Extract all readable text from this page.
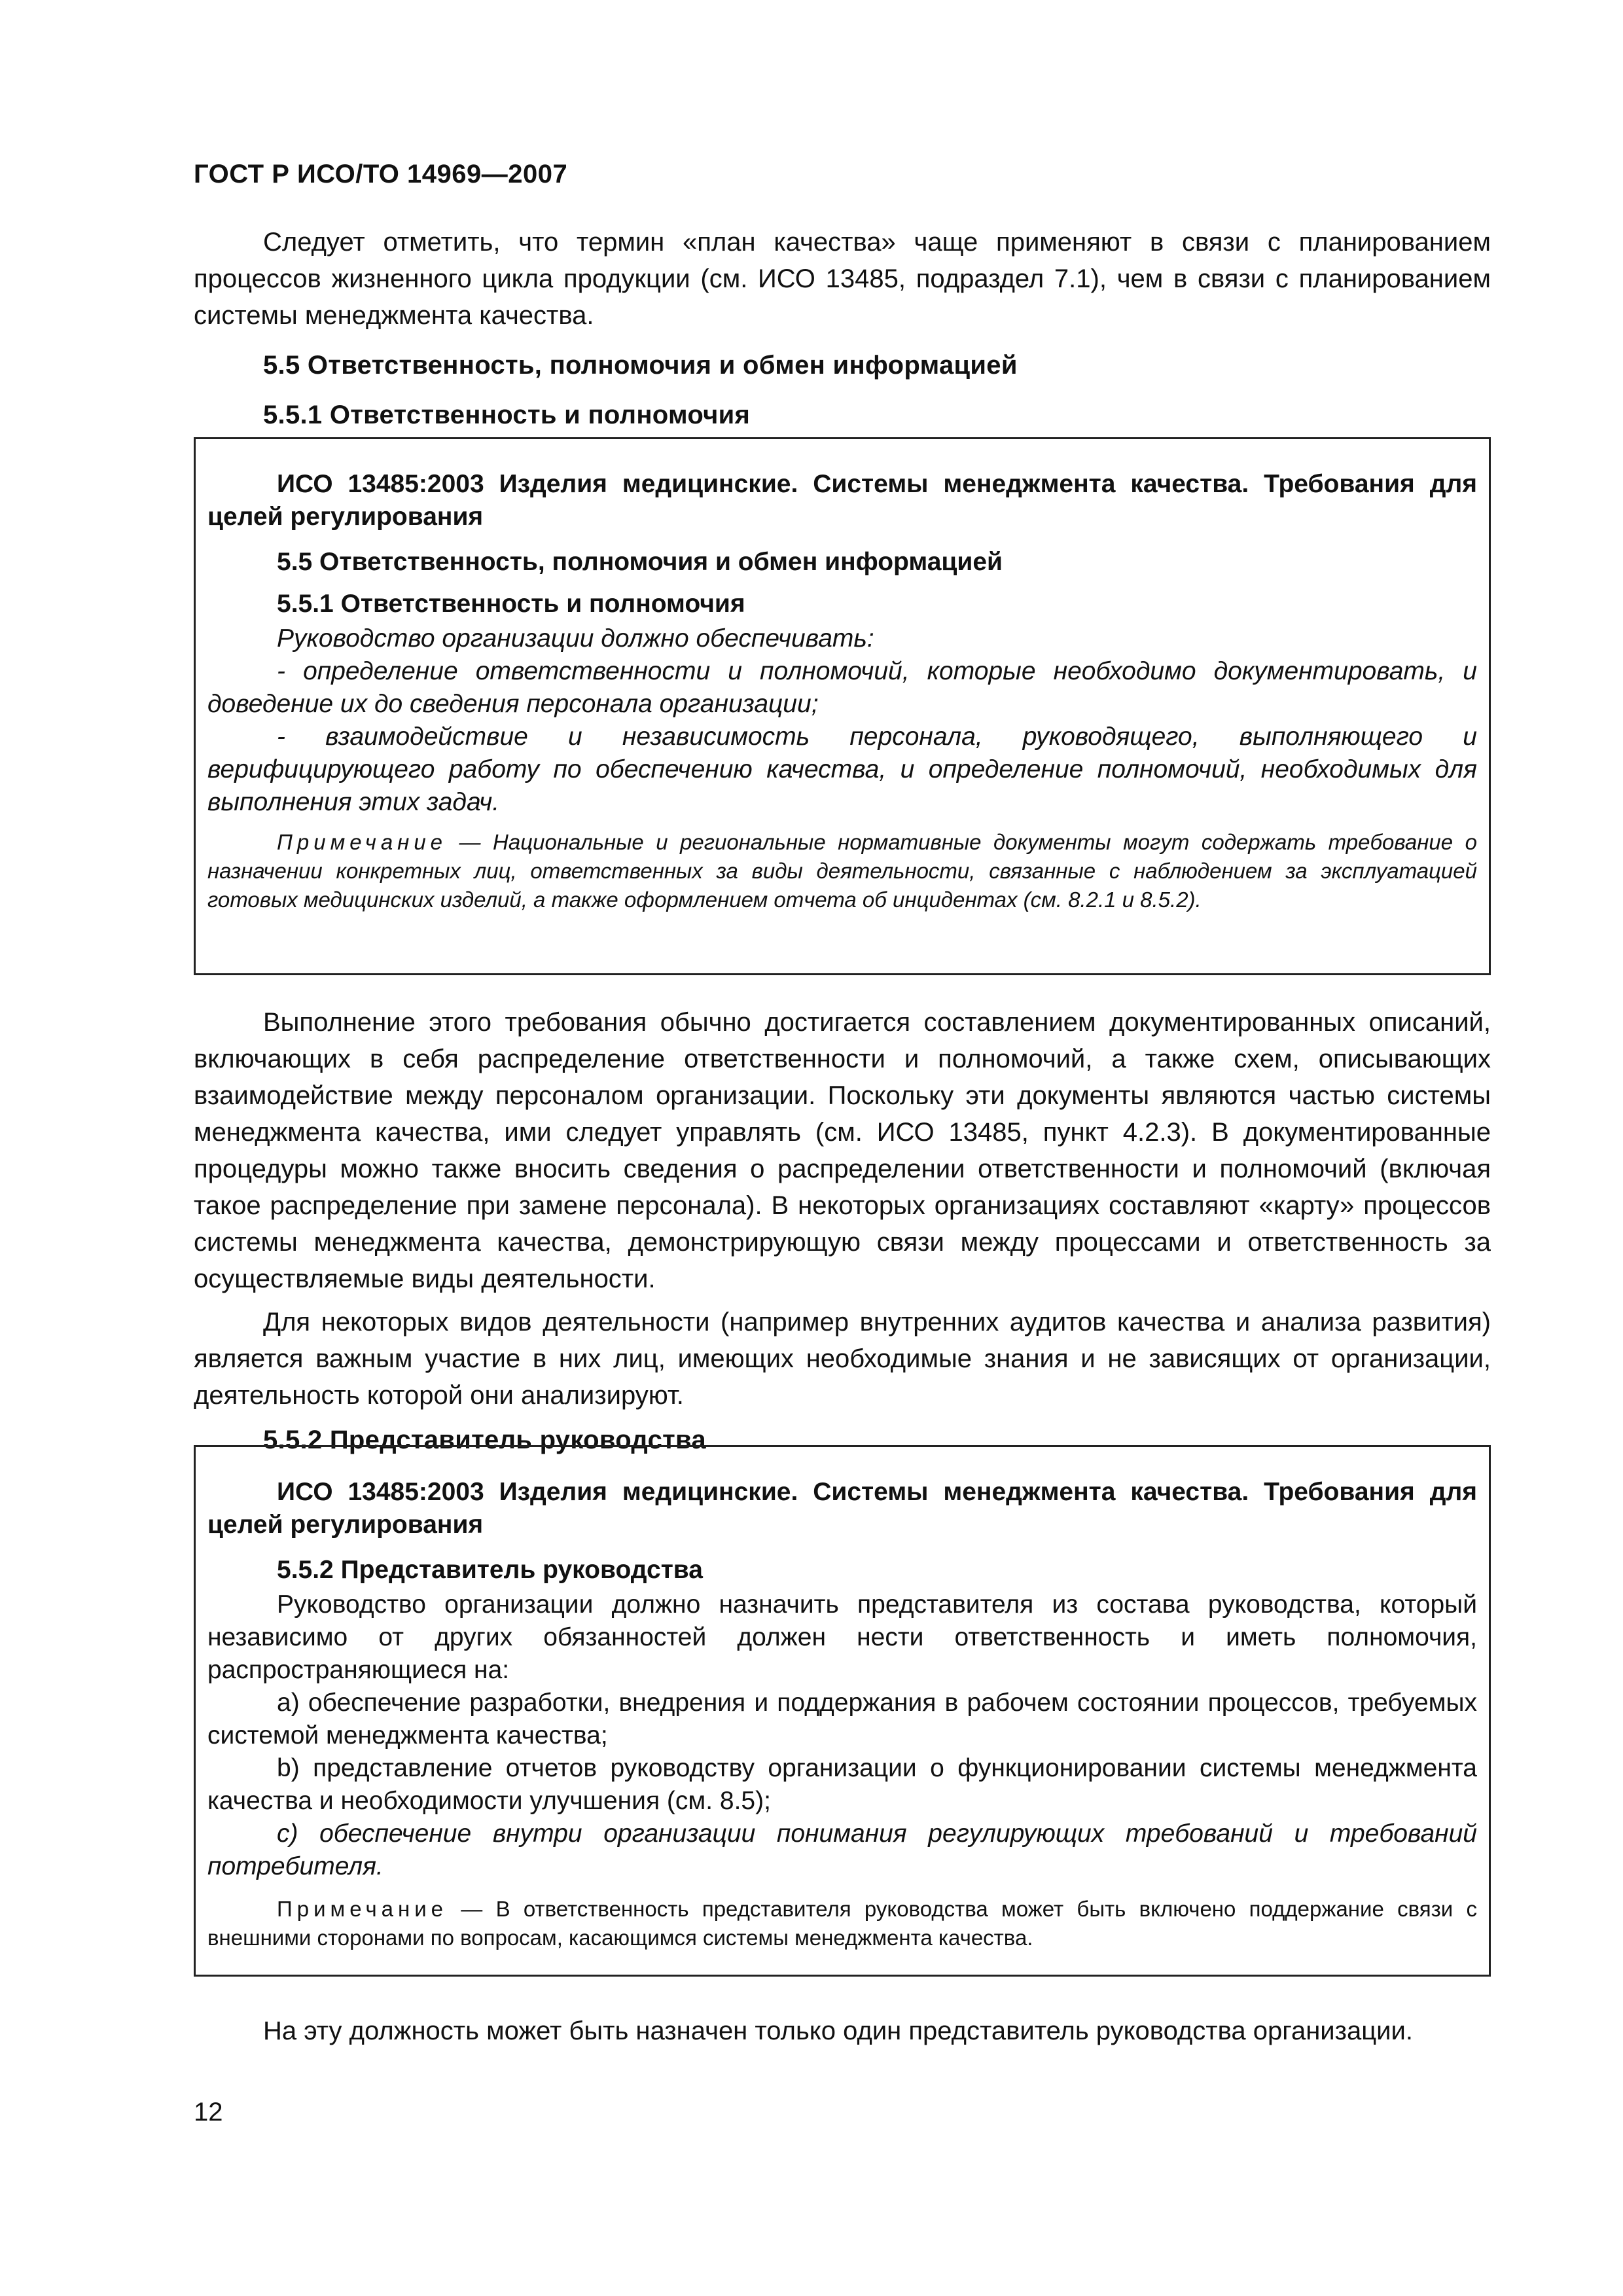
ГОСТ Р ИСО/ТО 14969—2007

Следует отметить, что термин «план качества» чаще применяют в связи с планированием процессов жизненного цикла продукции (см. ИСО 13485, подраздел 7.1), чем в связи с планированием системы менеджмента качества.

5.5 Ответственность, полномочия и обмен информацией

5.5.1 Ответственность и полномочия

ИСО 13485:2003 Изделия медицинские. Системы менеджмента качества. Требования для целей регулирования

5.5 Ответственность, полномочия и обмен информацией

5.5.1 Ответственность и полномочия

Руководство организации должно обеспечивать:

- определение ответственности и полномочий, которые необходимо документировать, и доведение их до сведения персонала организации;

- взаимодействие и независимость персонала, руководящего, выполняющего и верифицирующего работу по обеспечению качества, и определение полномочий, необходимых для выполнения этих задач.

Примечание — Национальные и региональные нормативные документы могут содержать требование о назначении конкретных лиц, ответственных за виды деятельности, связанные с наблюдением за эксплуатацией готовых медицинских изделий, а также оформлением отчета об инцидентах (см. 8.2.1 и 8.5.2).

Выполнение этого требования обычно достигается составлением документированных описаний, включающих в себя распределение ответственности и полномочий, а также схем, описывающих взаимодействие между персоналом организации. Поскольку эти документы являются частью системы менеджмента качества, ими следует управлять (см. ИСО 13485, пункт 4.2.3). В документированные процедуры можно также вносить сведения о распределении ответственности и полномочий (включая такое распределение при замене персонала). В некоторых организациях составляют «карту» процессов системы менеджмента качества, демонстрирующую связи между процессами и ответственность за осуществляемые виды деятельности.

Для некоторых видов деятельности (например внутренних аудитов качества и анализа развития) является важным участие в них лиц, имеющих необходимые знания и не зависящих от организации, деятельность которой они анализируют.

5.5.2 Представитель руководства

ИСО 13485:2003 Изделия медицинские. Системы менеджмента качества. Требования для целей регулирования

5.5.2 Представитель руководства

Руководство организации должно назначить представителя из состава руководства, который независимо от других обязанностей должен нести ответственность и иметь полномочия, распространяющиеся на:

a) обеспечение разработки, внедрения и поддержания в рабочем состоянии процессов, требуемых системой менеджмента качества;

b) представление отчетов руководству организации о функционировании системы менеджмента качества и необходимости улучшения (см. 8.5);

c) обеспечение внутри организации понимания регулирующих требований и требований потребителя.

Примечание — В ответственность представителя руководства может быть включено поддержание связи с внешними сторонами по вопросам, касающимся системы менеджмента качества.

На эту должность может быть назначен только один представитель руководства организации.

12
